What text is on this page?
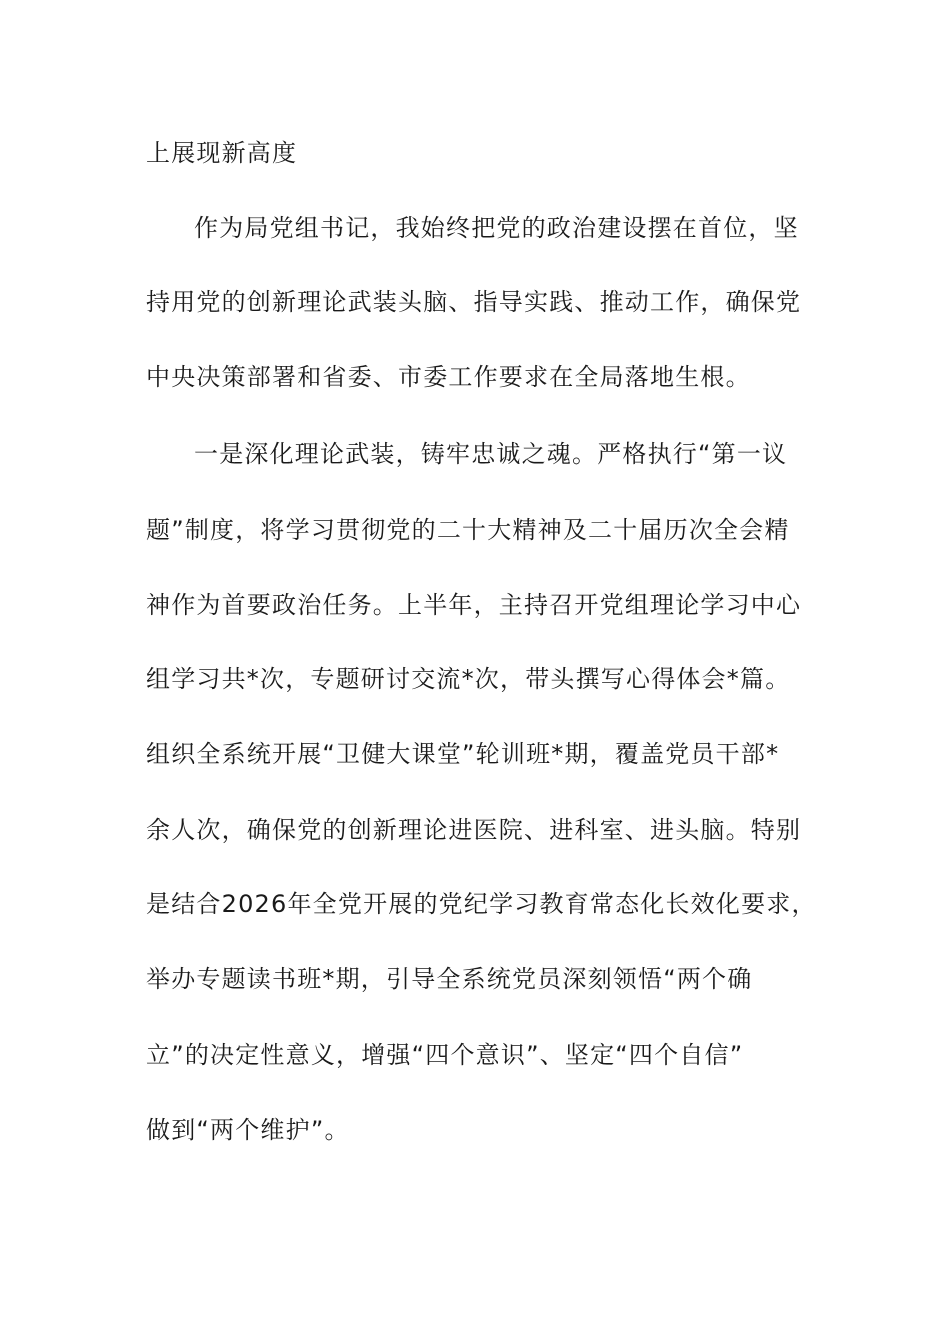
上展现新高度
作为局党组书记，我始终把党的政治建设摆在首位，坚
持用党的创新理论武装头脑、指导实践、推动工作，确保党
中央决策部署和省委、市委工作要求在全局落地生根。
一是深化理论武装，铸牢忠诚之魂。严格执行“第一议
题”制度，将学习贯彻党的二十大精神及二十届历次全会精
神作为首要政治任务。上半年，主持召开党组理论学习中心
组学习共*次，专题研讨交流*次，带头撰写心得体会*篇。
组织全系统开展“卫健大课堂”轮训班*期，覆盖党员干部*
余人次，确保党的创新理论进医院、进科室、进头脑。特别
是结合2026年全党开展的党纪学习教育常态化长效化要求，
举办专题读书班*期，引导全系统党员深刻领悟“两个确
立”的决定性意义，增强“四个意识”、坚定“四个自信”
做到“两个维护”。
